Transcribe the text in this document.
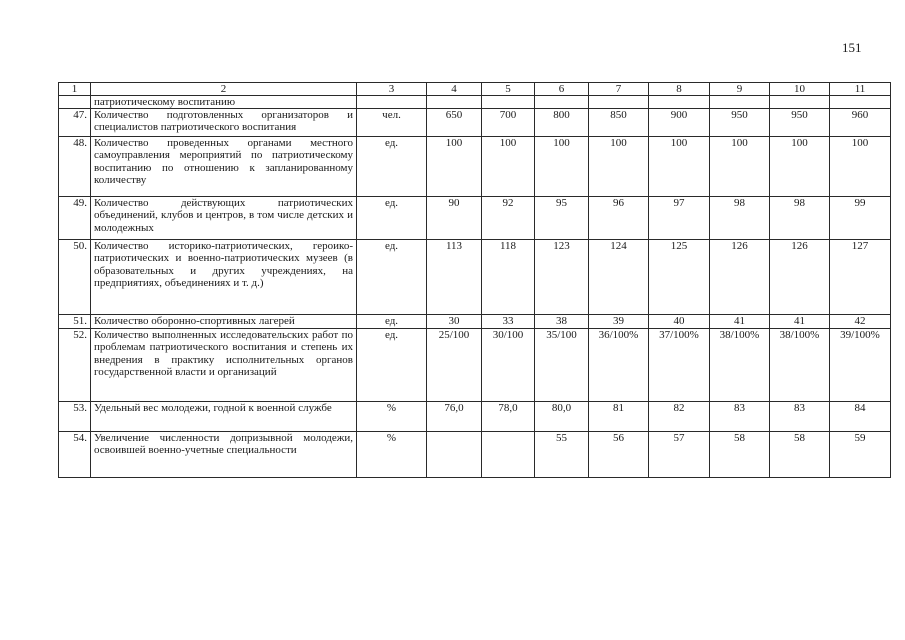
151
1	2	3	4	5	6	7	8	9	10	11
	патриотическому воспитанию									
47.	Количество подготовленных организаторов и специалистов патриотического воспитания	чел.	650	700	800	850	900	950	950	960
48.	Количество проведенных органами местного самоуправления мероприятий по патриотическому воспитанию по отношению к запланированному количеству	ед.	100	100	100	100	100	100	100	100
49.	Количество действующих патриотических объединений, клубов и центров, в том числе детских и молодежных	ед.	90	92	95	96	97	98	98	99
50.	Количество историко-патриотических, героико-патриотических и военно-патриотических музеев (в образовательных и других учреждениях, на предприятиях, объединениях и т. д.)	ед.	113	118	123	124	125	126	126	127
51.	Количество оборонно-спортивных лагерей	ед.	30	33	38	39	40	41	41	42
52.	Количество выполненных исследовательских работ по проблемам патриотического воспитания и степень их внедрения в практику исполнительных органов государственной власти и организаций	ед.	25/100	30/100	35/100	36/100%	37/100%	38/100%	38/100%	39/100%
53.	Удельный вес молодежи, годной к военной службе	%	76,0	78,0	80,0	81	82	83	83	84
54.	Увеличение численности допризывной молодежи, освоившей военно-учетные специальности	%			55	56	57	58	58	59
